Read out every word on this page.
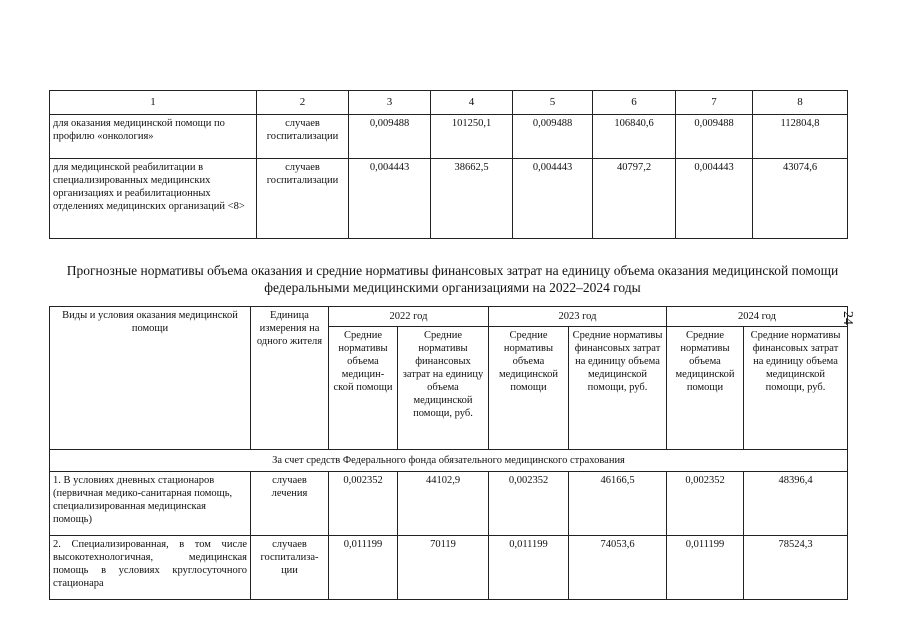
1	2	3	4	5	6	7	8
для оказания медицинской помощи по профилю «онкология»	случаев госпитализации	0,009488	101250,1	0,009488	106840,6	0,009488	112804,8
для медицинской реабилитации в специализированных медицинских организациях и реабилитационных отделениях медицинских организаций <8>	случаев госпитализации	0,004443	38662,5	0,004443	40797,2	0,004443	43074,6
Прогнозные нормативы объема оказания и средние нормативы финансовых затрат на единицу объема оказания медицинской помощи федеральными медицинскими организациями на 2022–2024 годы
24
Виды и условия оказания медицинской помощи	Единица измерения на одного жителя	2022 год		2023 год		2024 год	
		Средние нормативы объема медицин-ской помощи	Средние нормативы финансовых затрат на единицу объема медицинской помощи, руб.	Средние нормативы объема медицинской помощи	Средние нормативы финансовых затрат на единицу объема медицинской помощи, руб.	Средние нормативы объема медицинской помощи	Средние нормативы финансовых затрат на единицу объема медицинской помощи, руб.
За счет средств Федерального фонда обязательного медицинского страхования							
1. В условиях дневных стационаров (первичная медико-санитарная помощь, специализированная медицинская помощь)	случаев лечения	0,002352	44102,9	0,002352	46166,5	0,002352	48396,4
2. Специализированная, в том числе высокотехнологичная, медицинская помощь в условиях круглосуточного стационара	случаев госпитализа-ции	0,011199	70119	0,011199	74053,6	0,011199	78524,3
